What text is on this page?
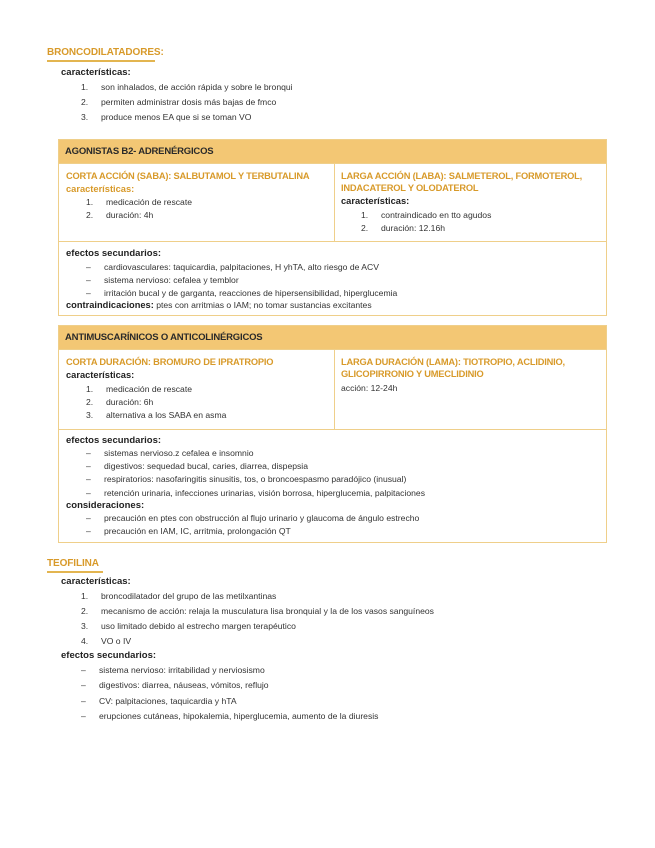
BRONCODILATADORES:
características:
1. son inhalados, de acción rápida y sobre le bronqui
2. permiten administrar dosis más bajas de fmco
3. produce menos EA que si se toman VO
AGONISTAS B2- ADRENÉRGICOS
CORTA ACCIÓN (SABA): SALBUTAMOL Y TERBUTALINA
características:
1. medicación de rescate
2. duración: 4h
LARGA ACCIÓN (LABA): SALMETEROL, FORMOTEROL,
INDACATEROL Y OLODATEROL
características:
1. contraindicado en tto agudos
2. duración: 12.16h
efectos secundarios:
– cardiovasculares: taquicardia, palpitaciones, H yhTA, alto riesgo de ACV
– sistema nervioso: cefalea y temblor
– irritación bucal y de garganta, reacciones de hipersensibilidad, hiperglucemia
contraindicaciones: ptes con arritmias o IAM; no tomar sustancias excitantes
ANTIMUSCARÍNICOS O ANTICOLINÉRGICOS
CORTA DURACIÓN: BROMURO DE IPRATROPIO
características:
1. medicación de rescate
2. duración: 6h
3. alternativa a los SABA en asma
LARGA DURACIÓN (LAMA): TIOTROPIO, ACLIDINIO,
GLICOPIRRONIO Y UMECLIDINIO
acción: 12-24h
efectos secundarios:
– sistemas nervioso.z cefalea e insomnio
– digestivos: sequedad bucal, caries, diarrea, dispepsia
– respiratorios: nasofaringitis sinusitis, tos, o broncoespasmo paradójico (inusual)
– retención urinaria, infecciones urinarias, visión borrosa, hiperglucemia, palpitaciones
consideraciones:
– precaución en ptes con obstrucción al flujo urinario y glaucoma de ángulo estrecho
– precaución en IAM, IC, arritmia, prolongación QT
TEOFILINA
características:
1. broncodilatador del grupo de las metilxantinas
2. mecanismo de acción: relaja la musculatura lisa bronquial y la de los vasos sanguíneos
3. uso limitado debido al estrecho margen terapéutico
4. VO o IV
efectos secundarios:
– sistema nervioso: irritabilidad y nerviosismo
– digestivos: diarrea, náuseas, vómitos, reflujo
– CV: palpitaciones, taquicardia y hTA
– erupciones cutáneas, hipokalemia, hiperglucemia, aumento de la diuresis
